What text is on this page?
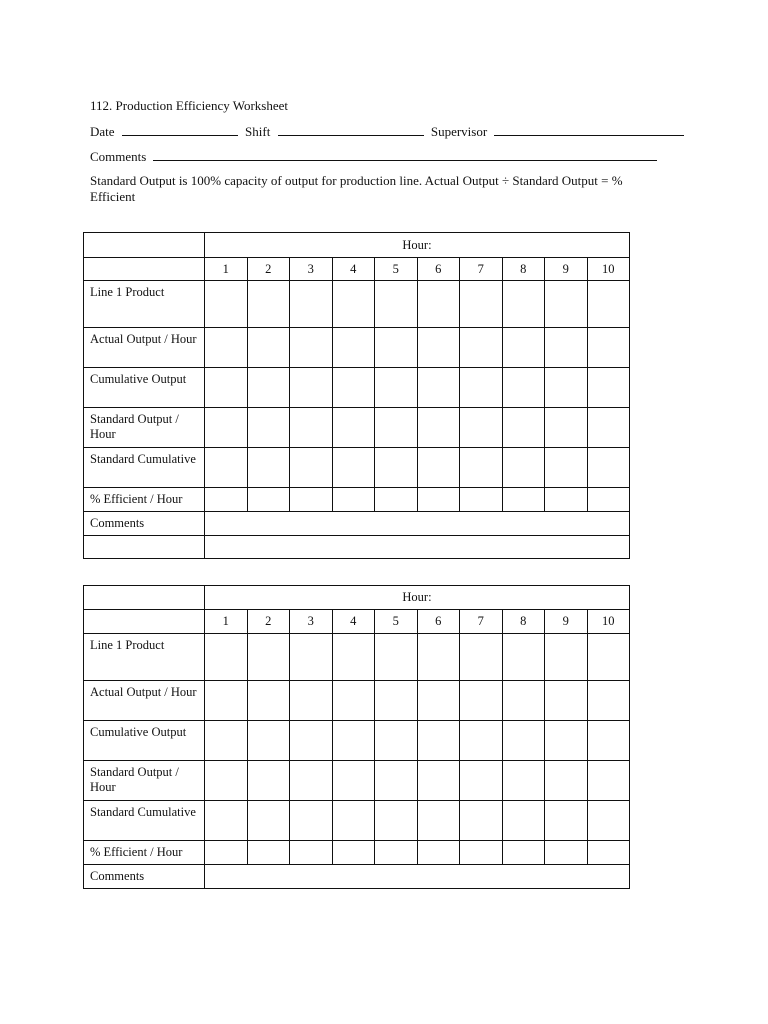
112. Production Efficiency Worksheet
Date	Shift	Supervisor
Comments
Standard Output is 100% capacity of output for production line. Actual Output ÷ Standard Output = % Efficient
	Hour:									
	1	2	3	4	5	6	7	8	9	10
Line 1 Product										
Actual Output / Hour										
Cumulative Output										
Standard Output / Hour										
Standard Cumulative										
% Efficient / Hour										
Comments										

	Hour:									
	1	2	3	4	5	6	7	8	9	10
Line 1 Product										
Actual Output / Hour										
Cumulative Output										
Standard Output / Hour										
Standard Cumulative										
% Efficient / Hour										
Comments										
